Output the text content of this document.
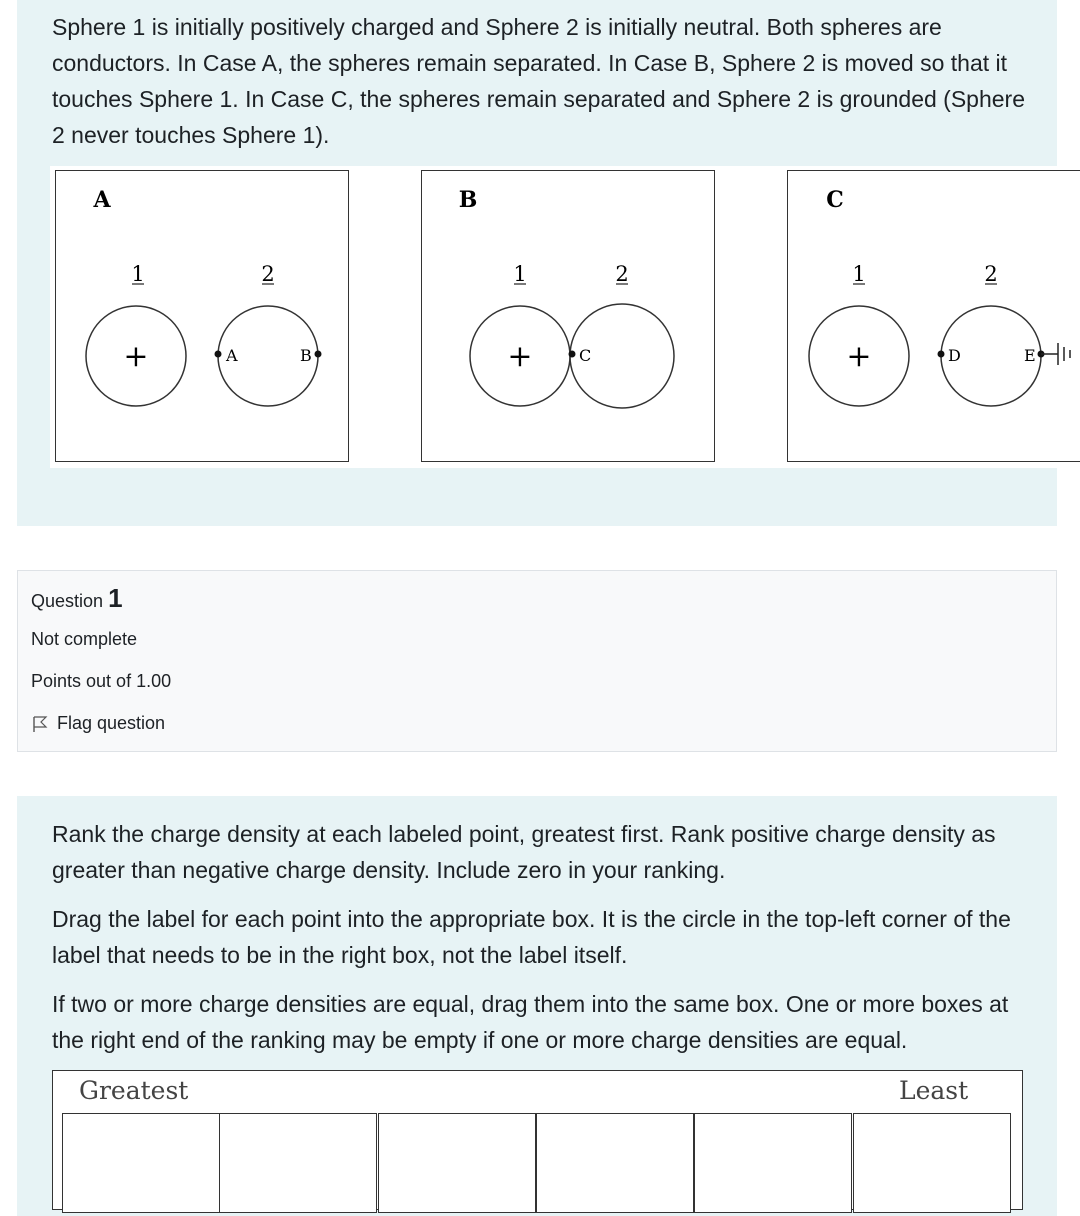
Sphere 1 is initially positively charged and Sphere 2 is initially neutral. Both spheres are conductors. In Case A, the spheres remain separated. In Case B, Sphere 2 is moved so that it touches Sphere 1. In Case C, the spheres remain separated and Sphere 2 is grounded (Sphere 2 never touches Sphere 1).

A
1	2
+	A	B
B
1	2
+	C
C
1	2
+	D	E
Question 1
Not complete
Points out of 1.00
Flag question

Rank the charge density at each labeled point, greatest first. Rank positive charge density as greater than negative charge density. Include zero in your ranking.

Drag the label for each point into the appropriate box. It is the circle in the top-left corner of the label that needs to be in the right box, not the label itself.

If two or more charge densities are equal, drag them into the same box. One or more boxes at the right end of the ranking may be empty if one or more charge densities are equal.

Greatest	Least
